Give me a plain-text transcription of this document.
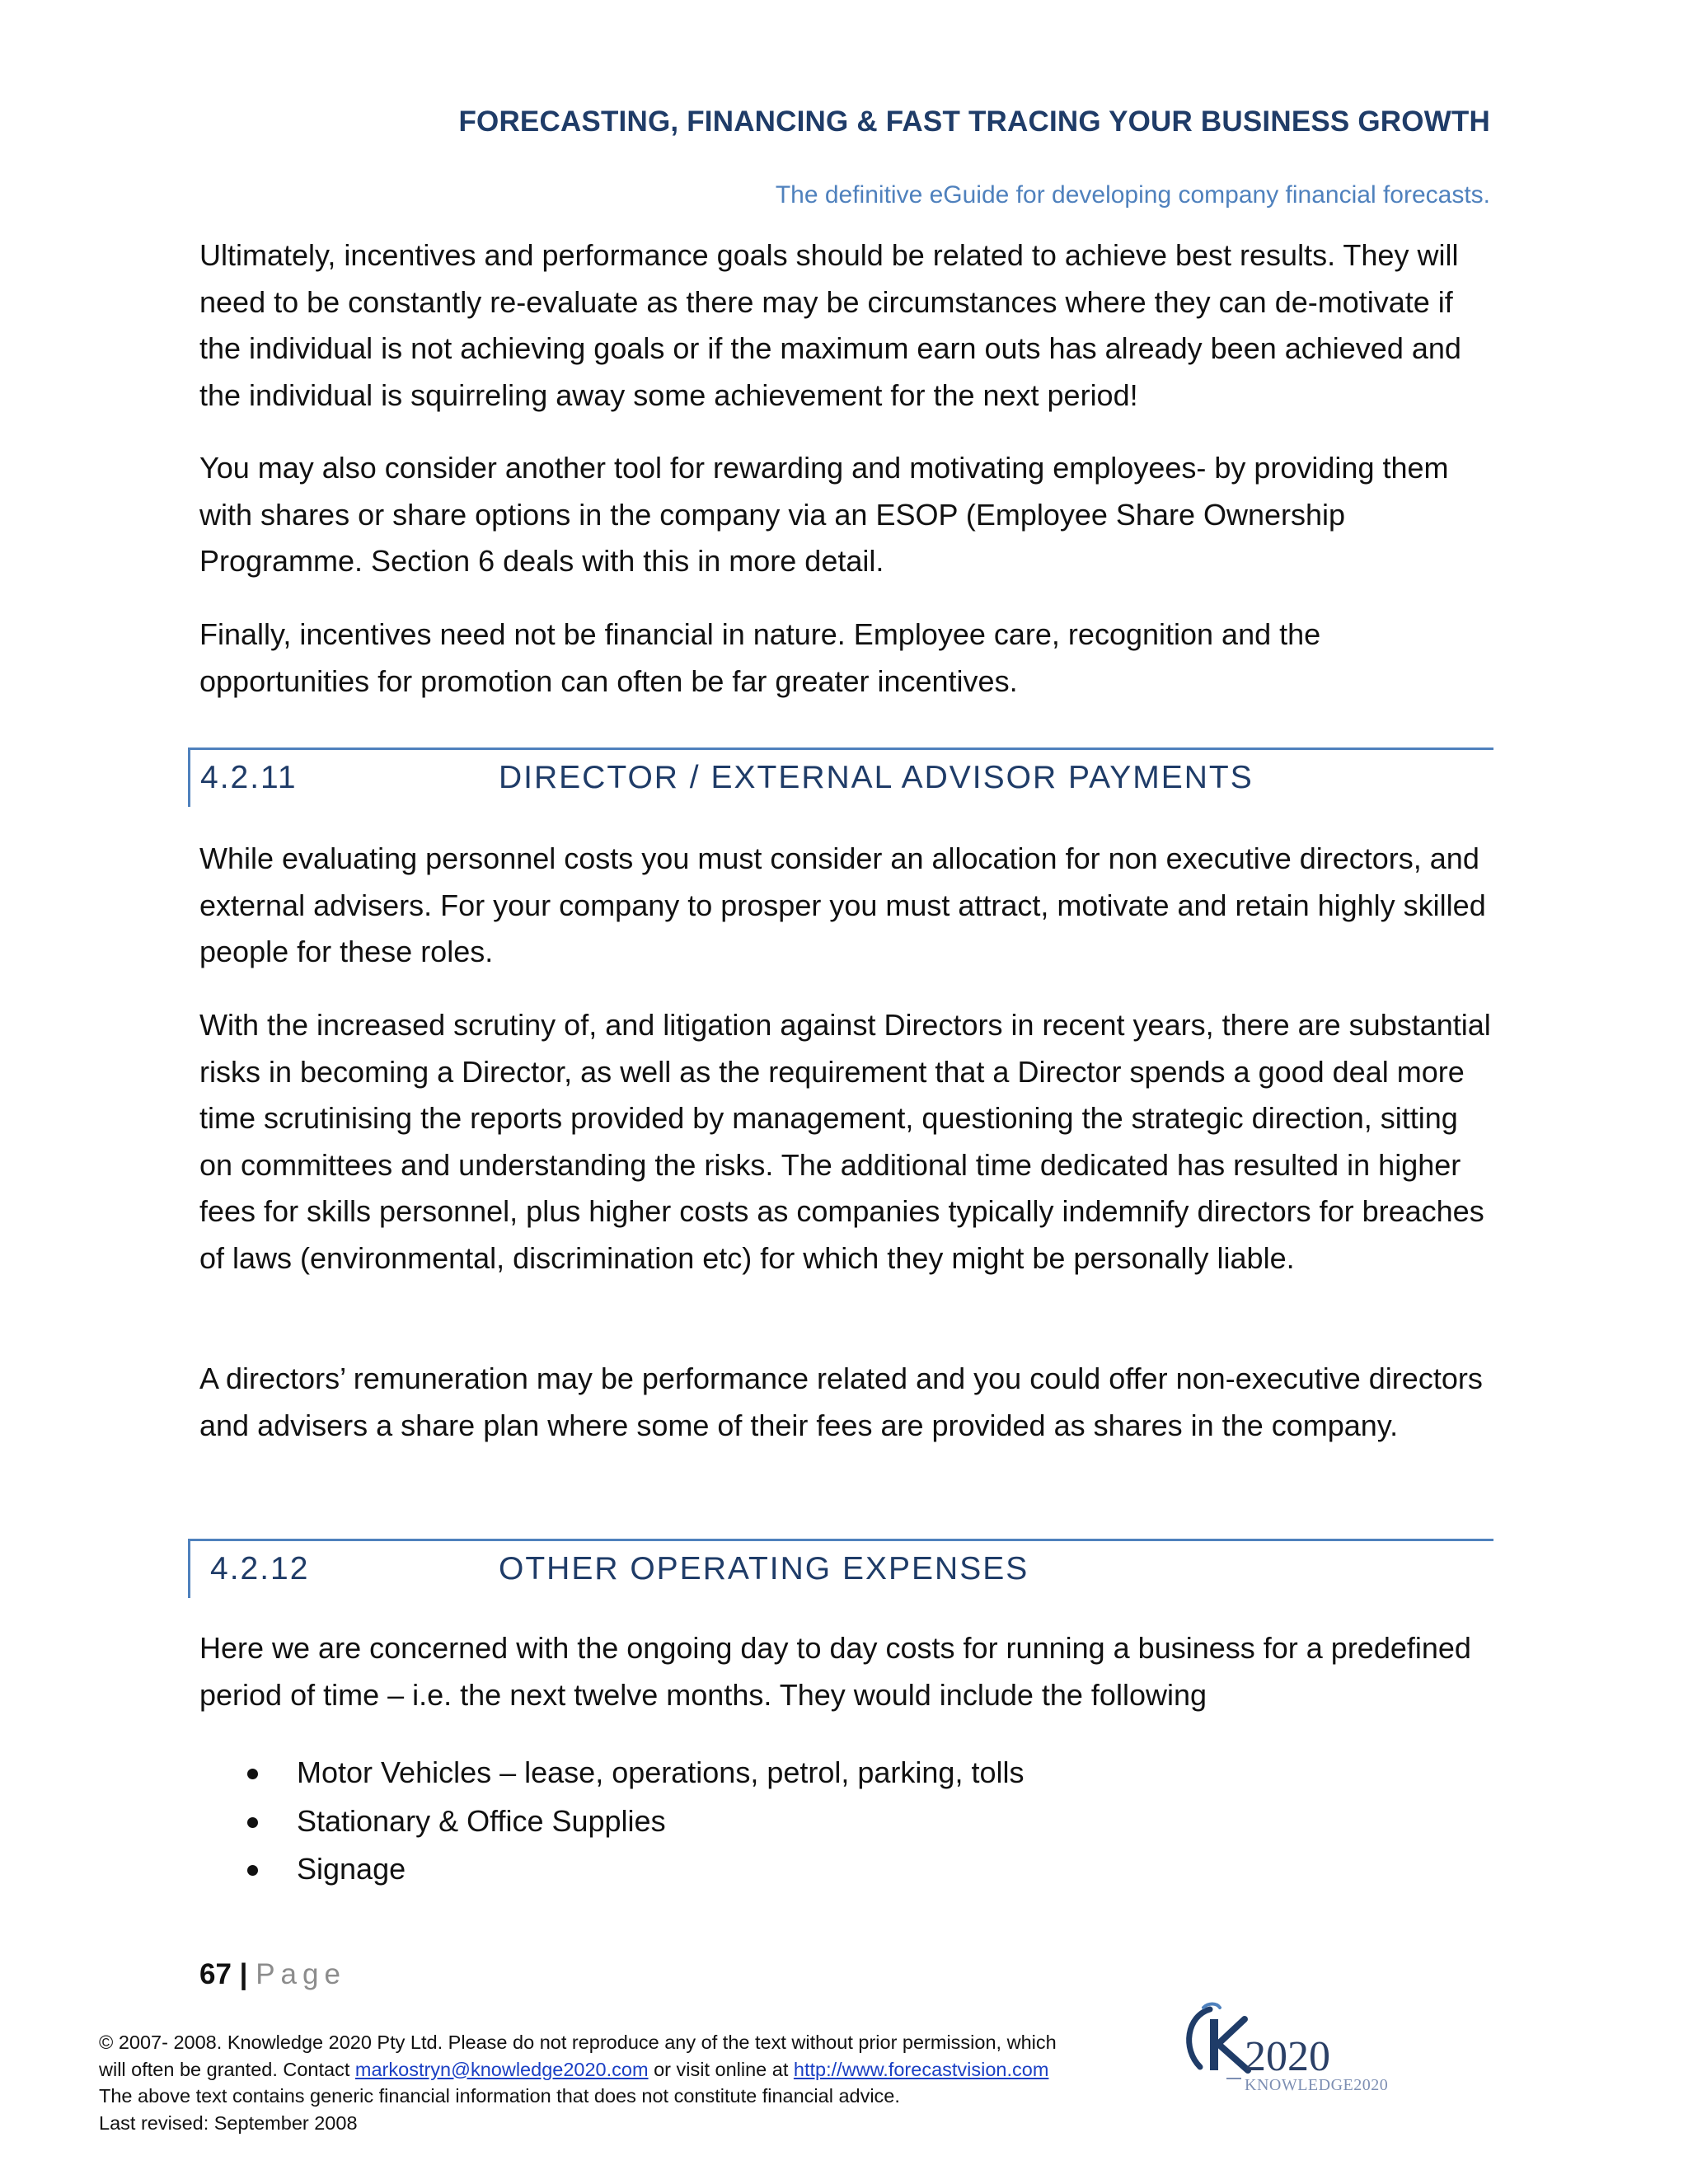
FORECASTING, FINANCING & FAST TRACING YOUR BUSINESS GROWTH
The definitive eGuide for developing company financial forecasts.

Ultimately, incentives and performance goals should be related to achieve best results. They will need to be constantly re-evaluate as there may be circumstances where they can de-motivate if the individual is not achieving goals or if the maximum earn outs has already been achieved and the individual is squirreling away some achievement for the next period!

You may also consider another tool for rewarding and motivating employees- by providing them with shares or share options in the company via an ESOP (Employee Share Ownership Programme. Section 6 deals with this in more detail.

Finally, incentives need not be financial in nature. Employee care, recognition and the opportunities for promotion can often be far greater incentives.

4.2.11	DIRECTOR / EXTERNAL ADVISOR PAYMENTS

While evaluating personnel costs you must consider an allocation for non executive directors, and external advisers. For your company to prosper you must attract, motivate and retain highly skilled people for these roles.

With the increased scrutiny of, and litigation against Directors in recent years, there are substantial risks in becoming a Director, as well as the requirement that a Director spends a good deal more time scrutinising the reports provided by management, questioning the strategic direction, sitting on committees and understanding the risks. The additional time dedicated has resulted in higher fees for skills personnel, plus higher costs as companies typically indemnify directors for breaches of laws (environmental, discrimination etc) for which they might be personally liable.

A directors’ remuneration may be performance related and you could offer non-executive directors and advisers a share plan where some of their fees are provided as shares in the company.

4.2.12	OTHER OPERATING EXPENSES

Here we are concerned with the ongoing day to day costs for running a business for a predefined period of time – i.e. the next twelve months. They would include the following

Motor Vehicles – lease, operations, petrol, parking, tolls
Stationary & Office Supplies
Signage
67 | Page
© 2007- 2008. Knowledge 2020 Pty Ltd. Please do not reproduce any of the text without prior permission, which
will often be granted. Contact markostryn@knowledge2020.com or visit online at http://www.forecastvision.com
The above text contains generic financial information that does not constitute financial advice.
Last revised: September 2008
2020
KNOWLEDGE2020
